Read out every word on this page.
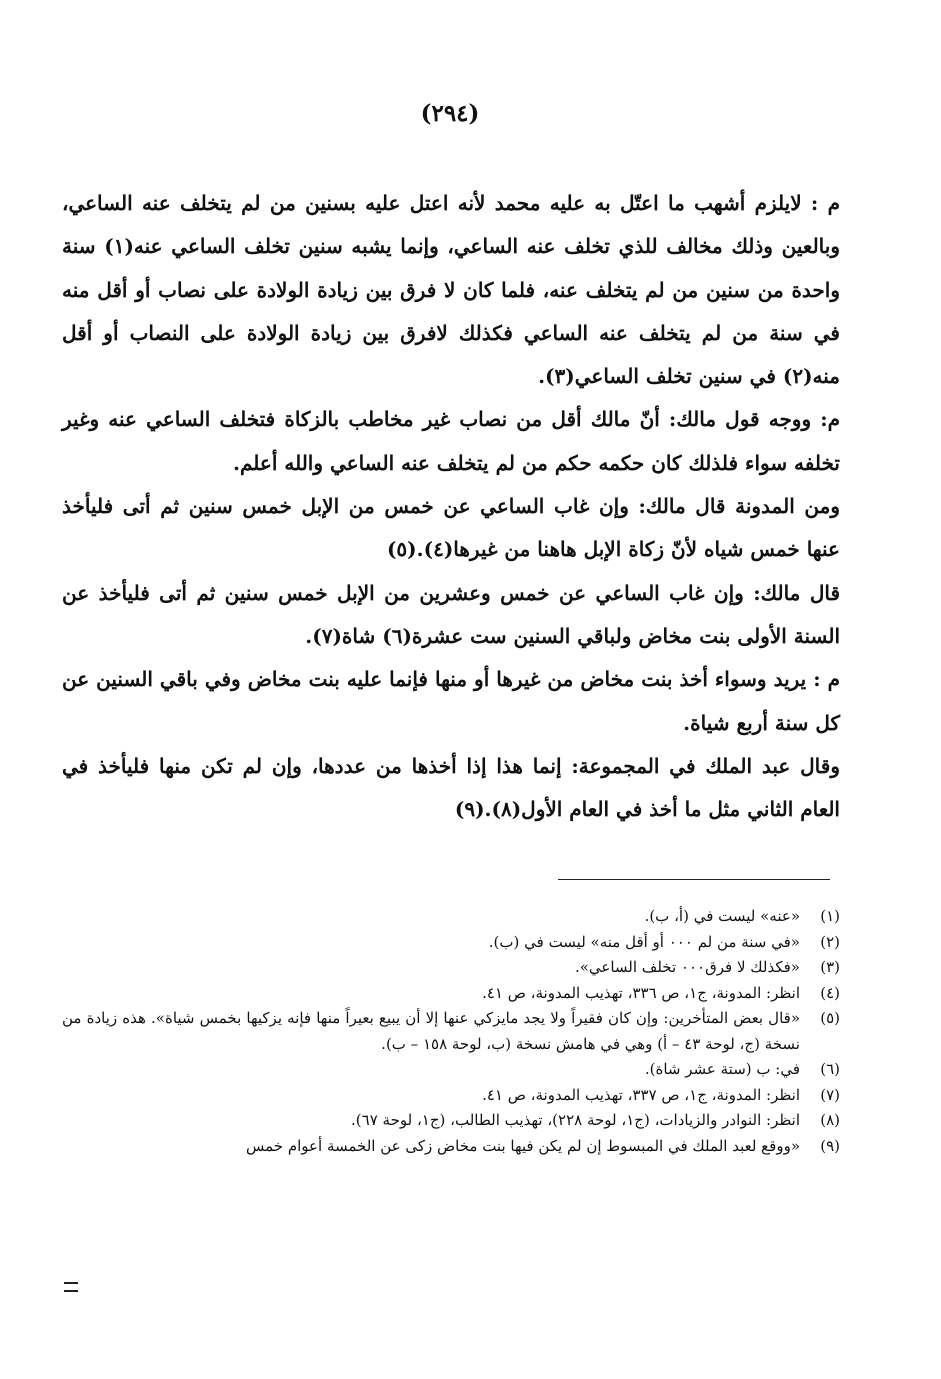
(٢٩٤)

م : لايلزم أشهب ما اعتّل به عليه محمد لأنه اعتل عليه بسنين من لم يتخلف عنه الساعي، وبالعين وذلك مخالف للذي تخلف عنه الساعي، وإنما يشبه سنين تخلف الساعي عنه(١) سنة واحدة من سنين من لم يتخلف عنه، فلما كان لا فرق بين زيادة الولادة على نصاب أو أقل منه في سنة من لم يتخلف عنه الساعي فكذلك لافرق بين زيادة الولادة على النصاب أو أقل منه(٢) في سنين تخلف الساعي(٣).

م: ووجه قول مالك: أنّ مالك أقل من نصاب غير مخاطب بالزكاة فتخلف الساعي عنه وغير تخلفه سواء فلذلك كان حكمه حكم من لم يتخلف عنه الساعي والله أعلم.

ومن المدونة قال مالك: وإن غاب الساعي عن خمس من الإبل خمس سنين ثم أتى فليأخذ عنها خمس شياه لأنّ زكاة الإبل هاهنا من غيرها(٤).(٥)

قال مالك: وإن غاب الساعي عن خمس وعشرين من الإبل خمس سنين ثم أتى فليأخذ عن السنة الأولى بنت مخاض ولباقي السنين ست عشرة(٦) شاة(٧).

م : يريد وسواء أخذ بنت مخاض من غيرها أو منها فإنما عليه بنت مخاض وفي باقي السنين عن كل سنة أربع شياة.

وقال عبد الملك في المجموعة: إنما هذا إذا أخذها من عددها، وإن لم تكن منها فليأخذ في العام الثاني مثل ما أخذ في العام الأول(٨).(٩)

(١)
«عنه» ليست في (أ، ب).
(٢)
«في سنة من لم ٠٠٠ أو أقل منه» ليست في (ب).
(٣)
«فكذلك لا فرق٠٠٠ تخلف الساعي».
(٤)
انظر: المدونة، ج١، ص ٣٣٦، تهذيب المدونة، ص ٤١.
(٥)
«قال بعض المتأخرين: وإن كان فقيراً ولا يجد مايزكي عنها إلا أن يبيع بعيراً منها فإنه يزكيها بخمس شياة». هذه زيادة من نسخة (ج، لوحة ٤٣ – أ) وهي في هامش نسخة (ب، لوحة ١٥٨ – ب).
(٦)
في: ب (ستة عشر شاة).
(٧)
انظر: المدونة، ج١، ص ٣٣٧، تهذيب المدونة، ص ٤١.
(٨)
انظر: النوادر والزيادات، (ج١، لوحة ٢٢٨)، تهذيب الطالب، (ج١، لوحة ٦٧).
(٩)
«ووقع لعبد الملك في المبسوط إن لم يكن فيها بنت مخاض زكى عن الخمسة أعوام خمس
